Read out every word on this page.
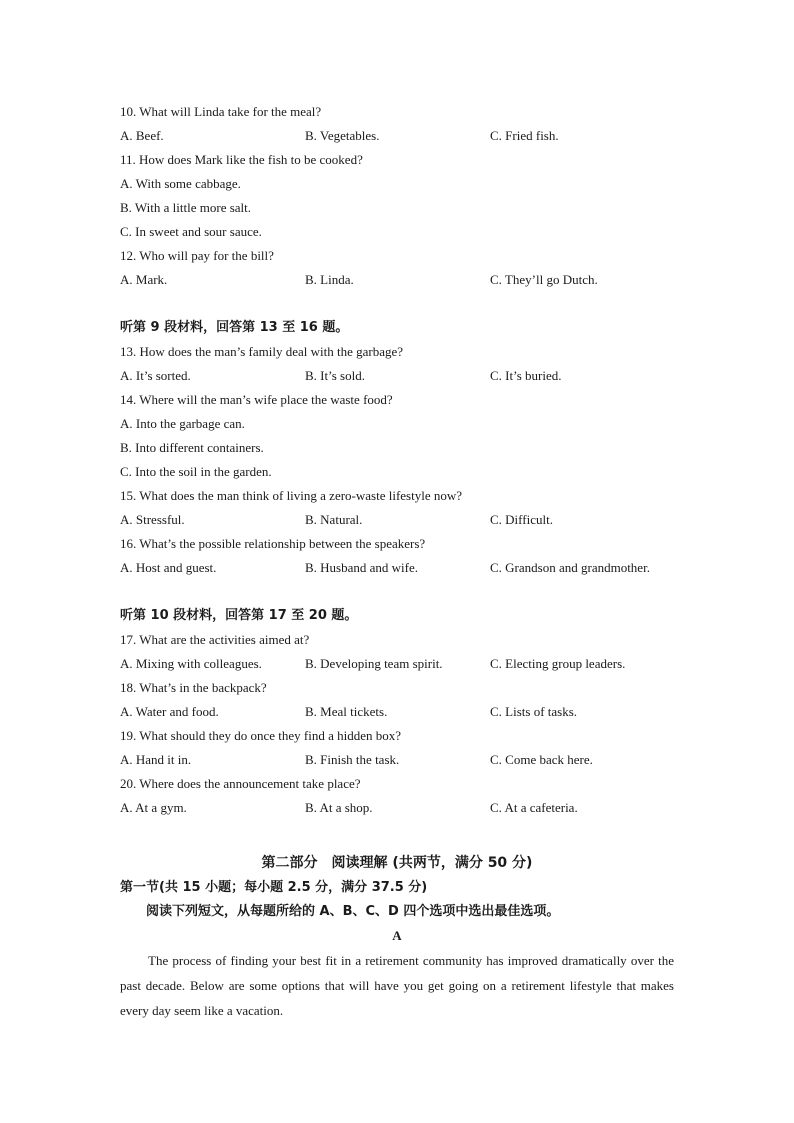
10. What will Linda take for the meal?
A. Beef.	B. Vegetables.	C. Fried fish.
11. How does Mark like the fish to be cooked?
A. With some cabbage.
B. With a little more salt.
C. In sweet and sour sauce.
12. Who will pay for the bill?
A. Mark.	B. Linda.	C. They’ll go Dutch.
听第 9 段材料，回答第 13 至 16 题。
13. How does the man’s family deal with the garbage?
A. It’s sorted.	B. It’s sold.	C. It’s buried.
14. Where will the man’s wife place the waste food?
A. Into the garbage can.
B. Into different containers.
C. Into the soil in the garden.
15. What does the man think of living a zero-waste lifestyle now?
A. Stressful.	B. Natural.	C. Difficult.
16. What’s the possible relationship between the speakers?
A. Host and guest.	B. Husband and wife.	C. Grandson and grandmother.
听第 10 段材料，回答第 17 至 20 题。
17. What are the activities aimed at?
A. Mixing with colleagues.	B. Developing team spirit.	C. Electing group leaders.
18. What’s in the backpack?
A. Water and food.	B. Meal tickets.	C. Lists of tasks.
19. What should they do once they find a hidden box?
A. Hand it in.	B. Finish the task.	C. Come back here.
20. Where does the announcement take place?
A. At a gym.	B. At a shop.	C. At a cafeteria.
第二部分　阅读理解 (共两节，满分 50 分)
第一节(共 15 小题；每小题 2.5 分，满分 37.5 分)
阅读下列短文，从每题所给的 A、B、C、D 四个选项中选出最佳选项。
A
The process of finding your best fit in a retirement community has improved dramatically over the past decade. Below are some options that will have you get going on a retirement lifestyle that makes every day seem like a vacation.
